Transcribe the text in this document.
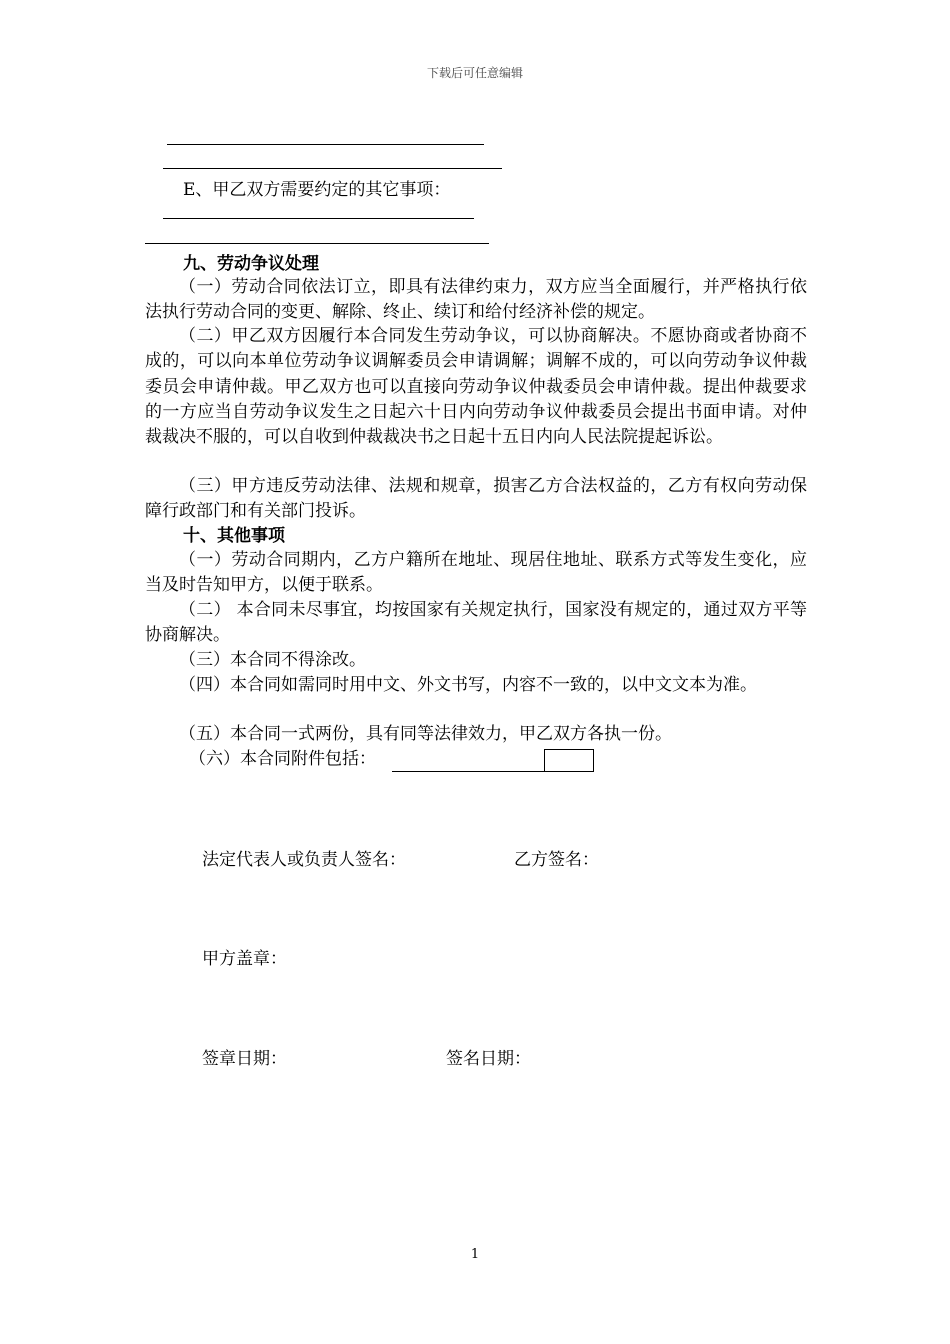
下载后可任意编辑
E、甲乙双方需要约定的其它事项：
九、劳动争议处理
（一）劳动合同依法订立，即具有法律约束力，双方应当全面履行，并严格执行依法执行劳动合同的变更、解除、终止、续订和给付经济补偿的规定。
（二）甲乙双方因履行本合同发生劳动争议，可以协商解决。不愿协商或者协商不成的，可以向本单位劳动争议调解委员会申请调解；调解不成的，可以向劳动争议仲裁委员会申请仲裁。甲乙双方也可以直接向劳动争议仲裁委员会申请仲裁。提出仲裁要求的一方应当自劳动争议发生之日起六十日内向劳动争议仲裁委员会提出书面申请。对仲裁裁决不服的，可以自收到仲裁裁决书之日起十五日内向人民法院提起诉讼。
（三）甲方违反劳动法律、法规和规章，损害乙方合法权益的，乙方有权向劳动保障行政部门和有关部门投诉。
十、其他事项
（一）劳动合同期内，乙方户籍所在地址、现居住地址、联系方式等发生变化，应当及时告知甲方，以便于联系。
（二） 本合同未尽事宜，均按国家有关规定执行，国家没有规定的，通过双方平等协商解决。
（三）本合同不得涂改。
（四）本合同如需同时用中文、外文书写，内容不一致的，以中文文本为准。
（五）本合同一式两份，具有同等法律效力，甲乙双方各执一份。
（六）本合同附件包括：
法定代表人或负责人签名：	乙方签名：
甲方盖章：
签章日期：	签名日期：
1
